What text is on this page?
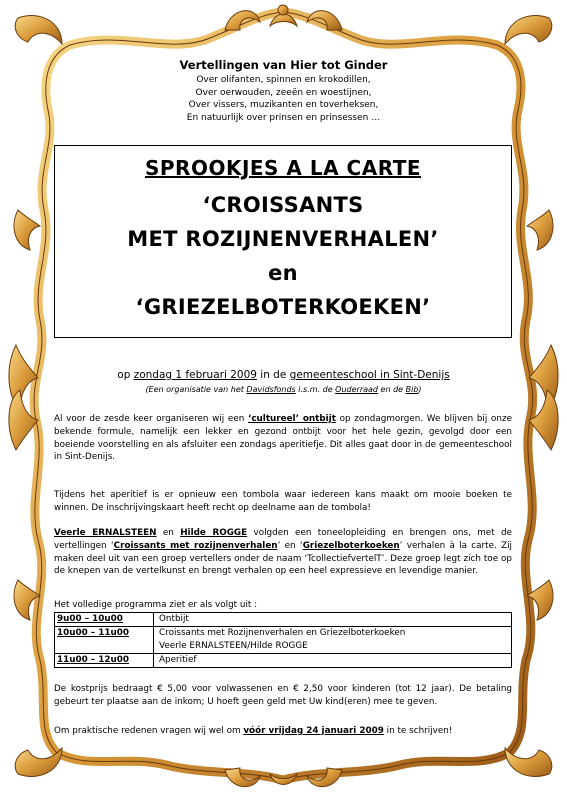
Vertellingen van Hier tot Ginder
Over olifanten, spinnen en krokodillen,
Over oerwouden, zeeën en woestijnen,
Over vissers, muzikanten en toverheksen,
En natuurlijk over prinsen en prinsessen …
SPROOKJES A LA CARTE
‘CROISSANTS
MET ROZIJNENVERHALEN’
en
‘GRIEZELBOTERKOEKEN’
op zondag 1 februari 2009 in de gemeenteschool in Sint-Denijs
(Een organisatie van het Davidsfonds i.s.m. de Ouderraad en de Bib)
Al voor de zesde keer organiseren wij een ‘cultureel’ ontbijt op zondagmorgen. We blijven bij onze bekende formule, namelijk een lekker en gezond ontbijt voor het hele gezin, gevolgd door een boeiende voorstelling en als afsluiter een zondags aperitiefje. Dit alles gaat door in de gemeenteschool in Sint-Denijs.
Tijdens het aperitief is er opnieuw een tombola waar iedereen kans maakt om mooie boeken te winnen. De inschrijvingskaart heeft recht op deelname aan de tombola!
Veerle ERNALSTEEN en Hilde ROGGE volgden een toneelopleiding en brengen ons, met de vertellingen ‘Croissants met rozijnenverhalen’ en ‘Griezelboterkoeken’ verhalen à la carte. Zij maken deel uit van een groep vertellers onder de naam ‘TcollectiefvertelT’. Deze groep legt zich toe op de knepen van de vertelkunst en brengt verhalen op een heel expressieve en levendige manier.
Het volledige programma ziet er als volgt uit :
9u00 – 10u00	Ontbijt
10u00 – 11u00	Croissants met Rozijnenverhalen en Griezelboterkoeken
Veerle ERNALSTEEN/Hilde ROGGE
11u00 – 12u00	Aperitief
De kostprijs bedraagt € 5,00 voor volwassenen en € 2,50 voor kinderen (tot 12 jaar). De betaling gebeurt ter plaatse aan de inkom; U hoeft geen geld met Uw kind(eren) mee te geven.
Om praktische redenen vragen wij wel om vóór vrijdag 24 januari 2009 in te schrijven!
